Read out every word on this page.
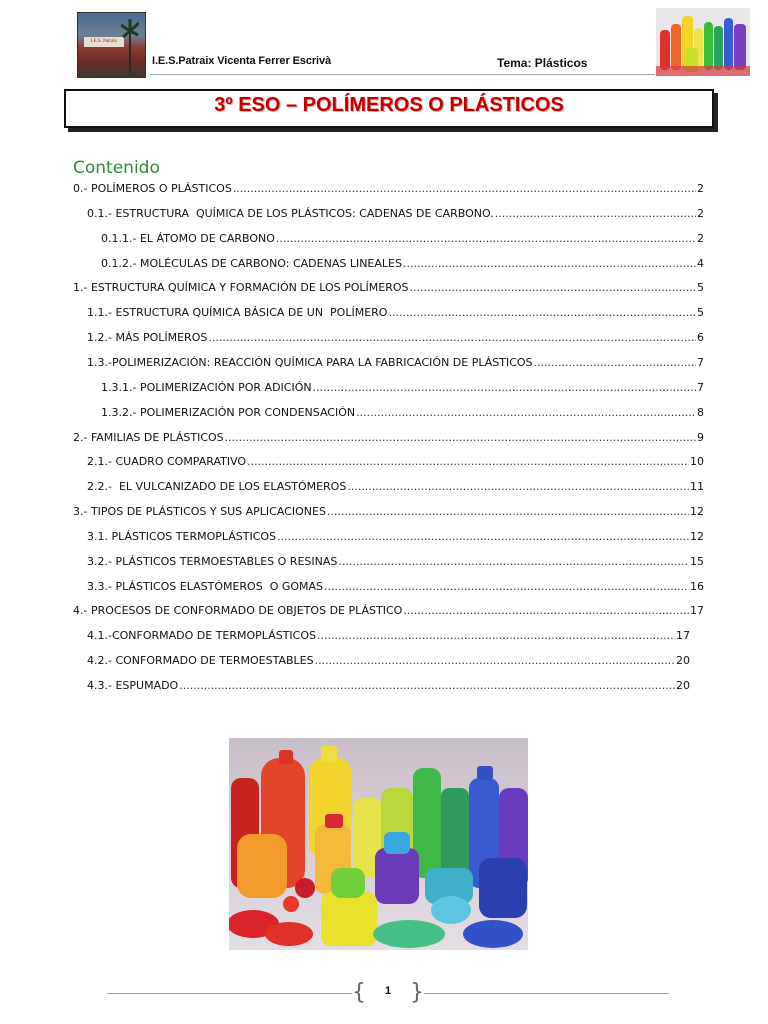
I.E.S. Patraix
I.E.S.Patraix Vicenta Ferrer Escrivà	Tema: Plásticos
3º ESO – POLÍMEROS O PLÁSTICOS
Contenido
0.- POLÍMEROS O PLÁSTICOS .....	2
0.1.- ESTRUCTURA  QUÍMICA DE LOS PLÁSTICOS: CADENAS DE CARBONO. .....	2
0.1.1.- EL ÁTOMO DE CARBONO .....	2
0.1.2.- MOLÉCULAS DE CARBONO: CADENAS LINEALES .....	4
1.- ESTRUCTURA QUÍMICA Y FORMACIÓN DE LOS POLÍMEROS .....	5
1.1.- ESTRUCTURA QUÍMICA BÁSICA DE UN  POLÍMERO .....	5
1.2.- MÁS POLÍMEROS .....	6
1.3.-POLIMERIZACIÓN: REACCIÓN QUÍMICA PARA LA FABRICACIÓN DE PLÁSTICOS .....	7
1.3.1.- POLIMERIZACIÓN POR ADICIÓN .....	7
1.3.2.- POLIMERIZACIÓN POR CONDENSACIÓN .....	8
2.- FAMILIAS DE PLÁSTICOS .....	9
2.1.- CUADRO COMPARATIVO .....	10
2.2.-  EL VULCANIZADO DE LOS ELASTÓMEROS .....	11
3.- TIPOS DE PLÁSTICOS Y SUS APLICACIONES .....	12
3.1. PLÁSTICOS TERMOPLÁSTICOS .....	12
3.2.- PLÁSTICOS TERMOESTABLES O RESINAS .....	15
3.3.- PLÁSTICOS ELASTÓMEROS  O GOMAS .....	16
4.- PROCESOS DE CONFORMADO DE OBJETOS DE PLÁSTICO .....	17
4.1.-CONFORMADO DE TERMOPLÁSTICOS .....	17
4.2.- CONFORMADO DE TERMOESTABLES .....	20
4.3.- ESPUMADO .....	20
{	1 }
